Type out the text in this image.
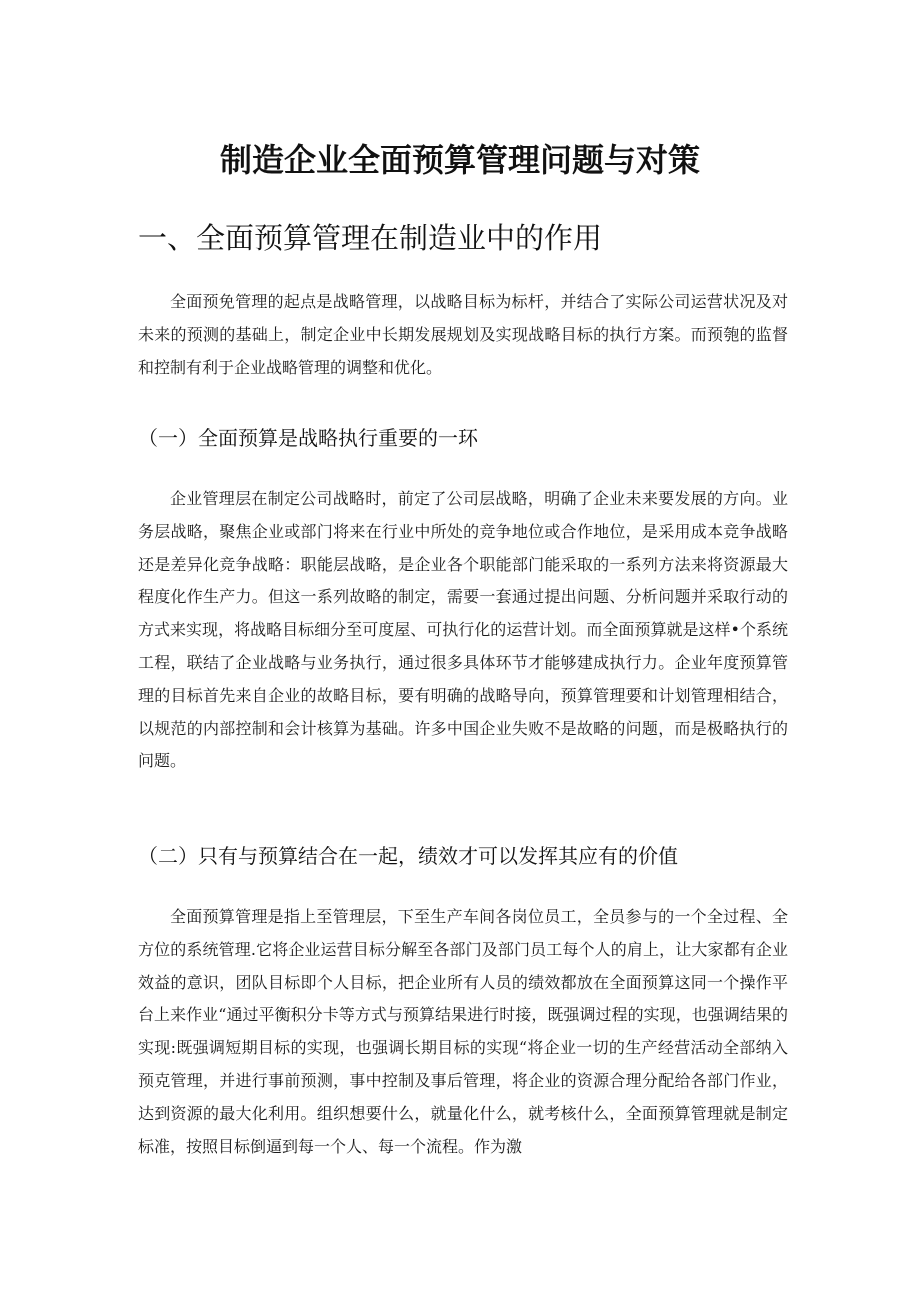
制造企业全面预算管理问题与对策
一、全面预算管理在制造业中的作用

全面预免管理的起点是战略管理，以战略目标为标杆，并结合了实际公司运营状况及对未来的预测的基础上，制定企业中长期发展规划及实现战略目标的执行方案。而预匏的监督和控制有利于企业战略管理的调整和优化。

（一）全面预算是战略执行重要的一环

企业管理层在制定公司战略时，前定了公司层战略，明确了企业未来要发展的方向。业务层战略，聚焦企业或部门将来在行业中所处的竞争地位或合作地位，是采用成本竞争战略还是差异化竞争战略：职能层战略，是企业各个职能部门能采取的一系列方法来将资源最大程度化作生产力。但这一系列故略的制定，需要一套通过提出问题、分析问题并采取行动的方式来实现，将战略目标细分至可度屋、可执行化的运营计划。而全面预算就是这样•个系统工程，联结了企业战略与业务执行，通过很多具体环节才能够建成执行力。企业年度预算管理的目标首先来自企业的故略目标，要有明确的战略导向，预算管理要和计划管理相结合，以规范的内部控制和会计核算为基础。许多中国企业失败不是故略的问题，而是极略执行的问题。

（二）只有与预算结合在一起，绩效才可以发挥其应有的价值

全面预算管理是指上至管理层，下至生产车间各岗位员工，全员参与的一个全过程、全方位的系统管理.它将企业运营目标分解至各部门及部门员工每个人的肩上，让大家都有企业效益的意识，团队目标即个人目标，把企业所有人员的绩效都放在全面预算这同一个操作平台上来作业“通过平衡积分卡等方式与预算结果进行时接，既强调过程的实现，也强调结果的实现:既强调短期目标的实现，也强调长期目标的实现“将企业一切的生产经营活动全部纳入预克管理，并进行事前预测，事中控制及事后管理，将企业的资源合理分配给各部门作业，达到资源的最大化利用。组织想要什么，就量化什么，就考核什么，全面预算管理就是制定标准，按照目标倒逼到每一个人、每一个流程。作为激
